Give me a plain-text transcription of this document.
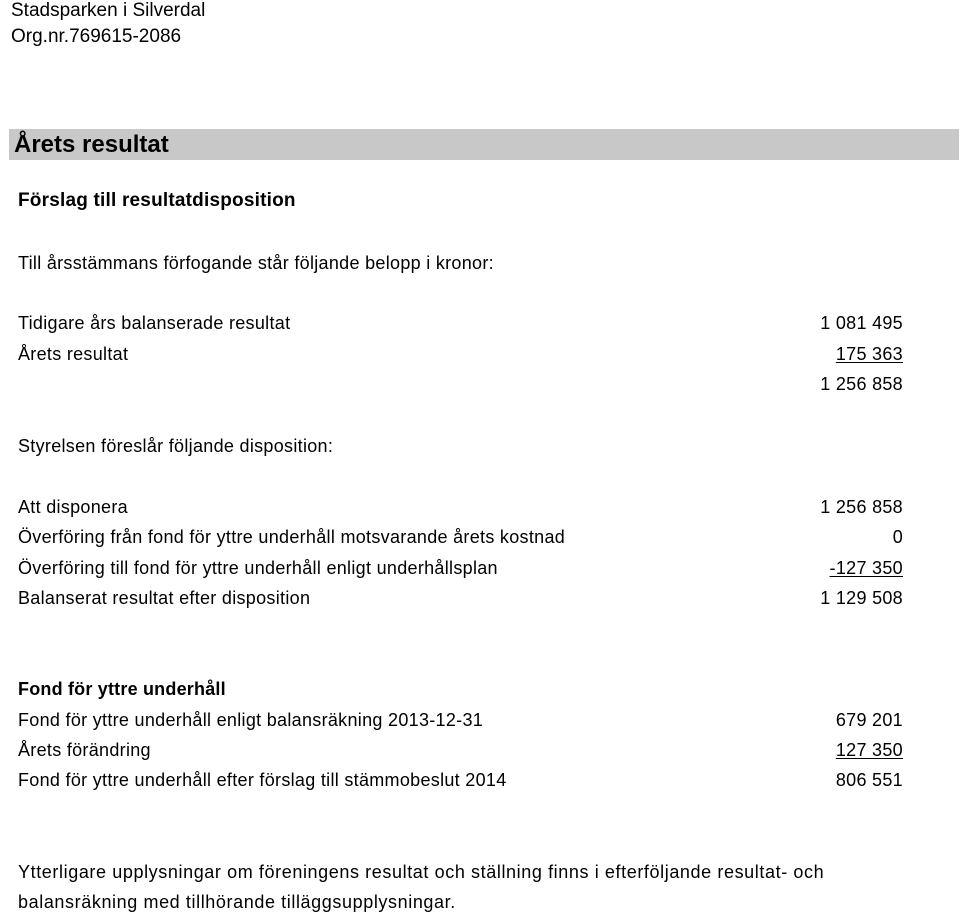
Stadsparken i Silverdal
Org.nr.769615-2086
Årets resultat
Förslag till resultatdisposition
Till årsstämmans förfogande står följande belopp i kronor:
Tidigare års balanserade resultat	1 081 495
Årets resultat	175 363
1 256 858
Styrelsen föreslår följande disposition:
Att disponera	1 256 858
Överföring från fond för yttre underhåll motsvarande årets kostnad	0
Överföring till fond för yttre underhåll enligt underhållsplan	-127 350
Balanserat resultat efter disposition	1 129 508
Fond för yttre underhåll
Fond för yttre underhåll enligt balansräkning 2013-12-31	679 201
Årets förändring	127 350
Fond för yttre underhåll efter förslag till stämmobeslut 2014	806 551
Ytterligare upplysningar om föreningens resultat och ställning finns i efterföljande resultat- och
balansräkning med tillhörande tilläggsupplysningar.
